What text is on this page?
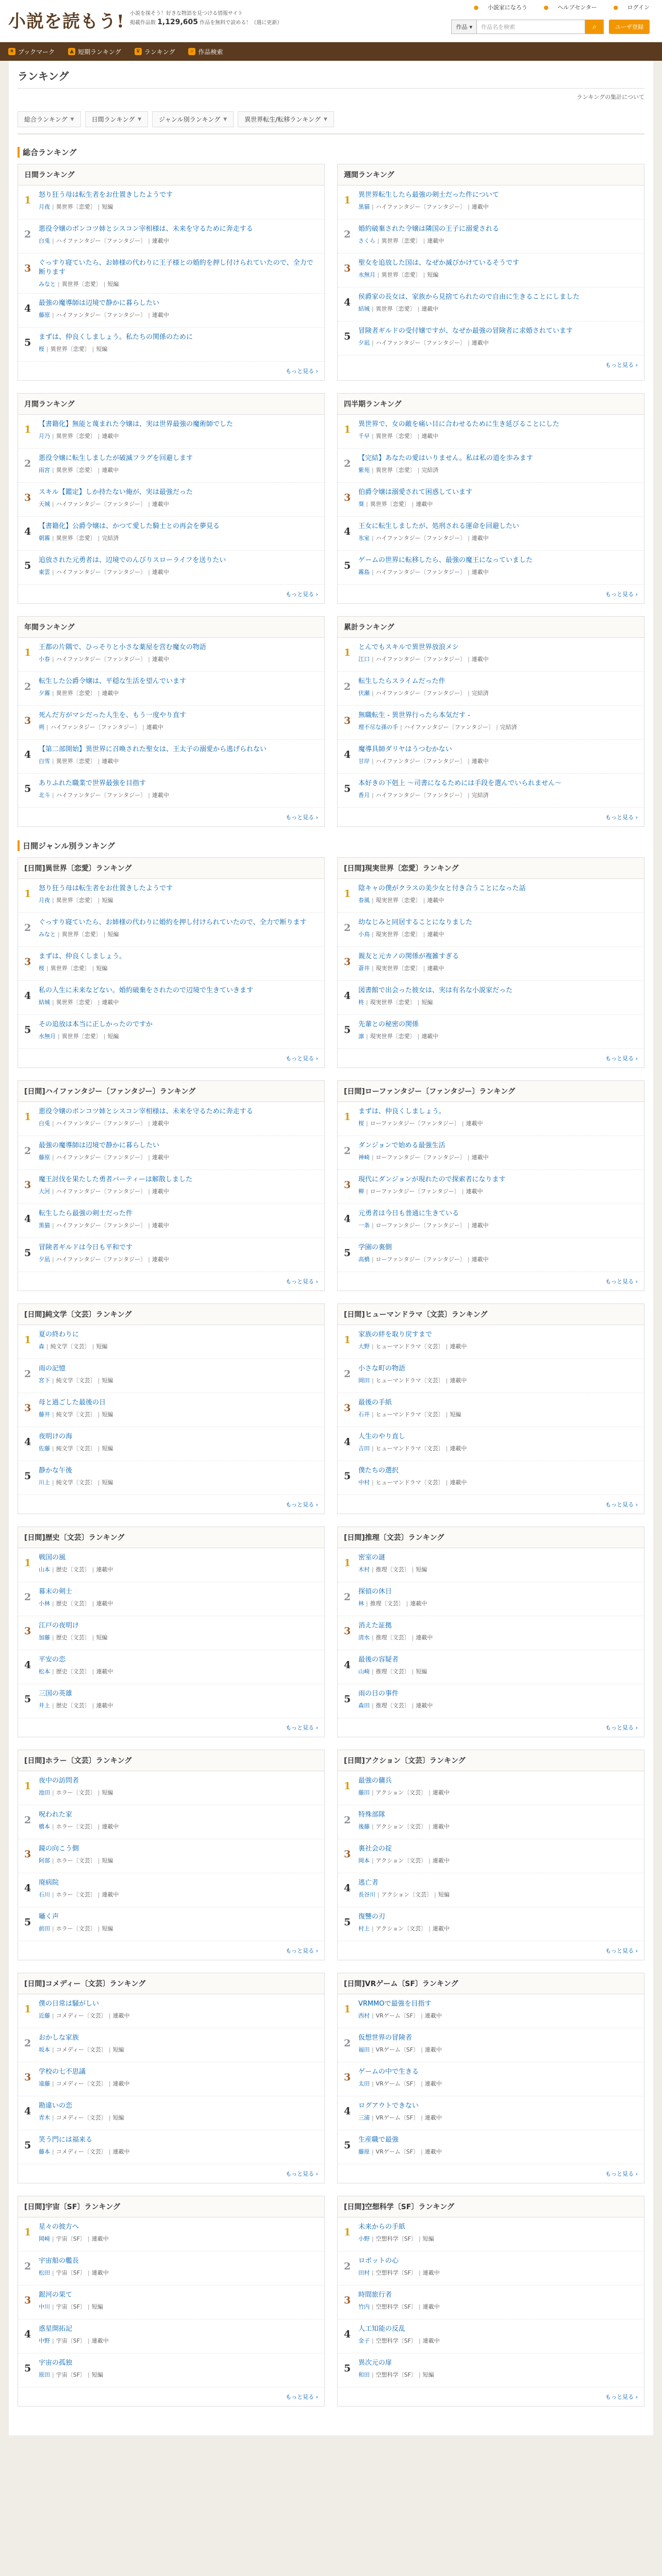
小説を読もう! 小説を探そう！好きな物語を見つける情報サイト
掲載作品数 1,129,605 作品を無料で読める！（週に更新）
● 小説家になろう	● ヘルプセンター	● ログイン
作品 ▾ 作品名を検索	⌕	ユーザ登録
★ ブックマーク	▲ 短期ランキング	♛ ランキング	⌕ 作品検索
ランキング
ランキングの集計について
総合ランキング ▼	日間ランキング ▼	ジャンル別ランキング ▼	異世界転生/転移ランキング ▼
総合ランキング
日間ランキング
1	怒り狂う母は転生者をお仕置きしたようです
月夜 | 異世界〔恋愛〕 | 短編
2	悪役令嬢のポンコツ姉とシスコン宰相様は、未来を守るために奔走する
白兎 | ハイファンタジー〔ファンタジー〕 | 連載中
3	ぐっすり寝ていたら、お姉様の代わりに王子様との婚約を押し付けられていたので、全力で断ります
みなと | 異世界〔恋愛〕 | 短編
4	最強の魔導師は辺境で静かに暮らしたい
藤原 | ハイファンタジー〔ファンタジー〕 | 連載中
5	まずは、仲良くしましょう。私たちの関係のために
桜 | 異世界〔恋愛〕 | 短編
もっと見る ›
週間ランキング
1	異世界転生したら最強の剣士だった件について
黒猫 | ハイファンタジー〔ファンタジー〕 | 連載中
2	婚約破棄された令嬢は隣国の王子に溺愛される
さくら | 異世界〔恋愛〕 | 連載中
3	聖女を追放した国は、なぜか滅びかけているそうです
水無月 | 異世界〔恋愛〕 | 短編
4	侯爵家の長女は、家族から見捨てられたので自由に生きることにしました
結城 | 異世界〔恋愛〕 | 連載中
5	冒険者ギルドの受付嬢ですが、なぜか最強の冒険者に求婚されています
夕凪 | ハイファンタジー〔ファンタジー〕 | 連載中
もっと見る ›
月間ランキング
1	【書籍化】無能と蔑まれた令嬢は、実は世界最強の魔術師でした
月乃 | 異世界〔恋愛〕 | 連載中
2	悪役令嬢に転生しましたが破滅フラグを回避します
雨宮 | 異世界〔恋愛〕 | 連載中
3	スキル【鑑定】しか持たない俺が、実は最強だった
天城 | ハイファンタジー〔ファンタジー〕 | 連載中
4	【書籍化】公爵令嬢は、かつて愛した騎士との再会を夢見る
朝霧 | 異世界〔恋愛〕 | 完結済
5	追放された元勇者は、辺境でのんびりスローライフを送りたい
東雲 | ハイファンタジー〔ファンタジー〕 | 連載中
もっと見る ›
四半期ランキング
1	異世界で、女の敵を痛い目に合わせるために生き延びることにした
千早 | 異世界〔恋愛〕 | 連載中
2	【完結】あなたの愛はいりません。私は私の道を歩みます
紫苑 | 異世界〔恋愛〕 | 完結済
3	伯爵令嬢は溺愛されて困惑しています
葵 | 異世界〔恋愛〕 | 連載中
4	王女に転生しましたが、処刑される運命を回避したい
氷室 | ハイファンタジー〔ファンタジー〕 | 連載中
5	ゲームの世界に転移したら、最強の魔王になっていました
霧島 | ハイファンタジー〔ファンタジー〕 | 連載中
もっと見る ›
年間ランキング
1	王都の片隅で、ひっそりと小さな薬屋を営む魔女の物語
小春 | ハイファンタジー〔ファンタジー〕 | 連載中
2	転生した公爵令嬢は、平穏な生活を望んでいます
夕霧 | 異世界〔恋愛〕 | 連載中
3	死んだ方がマシだった人生を、もう一度やり直す
朔 | ハイファンタジー〔ファンタジー〕 | 連載中
4	【第二部開始】異世界に召喚された聖女は、王太子の溺愛から逃げられない
白雪 | 異世界〔恋愛〕 | 連載中
5	ありふれた職業で世界最強を目指す
北斗 | ハイファンタジー〔ファンタジー〕 | 連載中
もっと見る ›
累計ランキング
1	とんでもスキルで異世界放浪メシ
江口 | ハイファンタジー〔ファンタジー〕 | 連載中
2	転生したらスライムだった件
伏瀬 | ハイファンタジー〔ファンタジー〕 | 完結済
3	無職転生 - 異世界行ったら本気だす -
理不尽な孫の手 | ハイファンタジー〔ファンタジー〕 | 完結済
4	魔導具師ダリヤはうつむかない
甘岸 | ハイファンタジー〔ファンタジー〕 | 連載中
5	本好きの下剋上 〜司書になるためには手段を選んでいられません〜
香月 | ハイファンタジー〔ファンタジー〕 | 完結済
もっと見る ›
日間ジャンル別ランキング
[日間]異世界〔恋愛〕ランキング
1	怒り狂う母は転生者をお仕置きしたようです
月夜 | 異世界〔恋愛〕 | 短編
2	ぐっすり寝ていたら、お姉様の代わりに婚約を押し付けられていたので、全力で断ります
みなと | 異世界〔恋愛〕 | 短編
3	まずは、仲良くしましょう。
桜 | 異世界〔恋愛〕 | 短編
4	私の人生に未来などない。婚約破棄をされたので辺境で生きていきます
結城 | 異世界〔恋愛〕 | 連載中
5	その追放は本当に正しかったのですか
水無月 | 異世界〔恋愛〕 | 短編
もっと見る ›
[日間]現実世界〔恋愛〕ランキング
1	陰キャの僕がクラスの美少女と付き合うことになった話
春風 | 現実世界〔恋愛〕 | 連載中
2	幼なじみと同居することになりました
小鳥 | 現実世界〔恋愛〕 | 連載中
3	親友と元カノの関係が複雑すぎる
蒼井 | 現実世界〔恋愛〕 | 連載中
4	図書館で出会った彼女は、実は有名な小説家だった
柊 | 現実世界〔恋愛〕 | 短編
5	先輩との秘密の関係
凛 | 現実世界〔恋愛〕 | 連載中
もっと見る ›
[日間]ハイファンタジー〔ファンタジー〕ランキング
1	悪役令嬢のポンコツ姉とシスコン宰相様は、未来を守るために奔走する
白兎 | ハイファンタジー〔ファンタジー〕 | 連載中
2	最強の魔導師は辺境で静かに暮らしたい
藤原 | ハイファンタジー〔ファンタジー〕 | 連載中
3	魔王討伐を果たした勇者パーティーは解散しました
大河 | ハイファンタジー〔ファンタジー〕 | 連載中
4	転生したら最強の剣士だった件
黒猫 | ハイファンタジー〔ファンタジー〕 | 連載中
5	冒険者ギルドは今日も平和です
夕凪 | ハイファンタジー〔ファンタジー〕 | 連載中
もっと見る ›
[日間]ローファンタジー〔ファンタジー〕ランキング
1	まずは、仲良くしましょう。
桜 | ローファンタジー〔ファンタジー〕 | 連載中
2	ダンジョンで始める最強生活
神崎 | ローファンタジー〔ファンタジー〕 | 連載中
3	現代にダンジョンが現れたので探索者になります
柳 | ローファンタジー〔ファンタジー〕 | 連載中
4	元勇者は今日も普通に生きている
一条 | ローファンタジー〔ファンタジー〕 | 連載中
5	学園の裏側
高橋 | ローファンタジー〔ファンタジー〕 | 連載中
もっと見る ›
[日間]純文学〔文芸〕ランキング
1	夏の終わりに
森 | 純文学〔文芸〕 | 短編
2	雨の記憶
宮下 | 純文学〔文芸〕 | 短編
3	母と過ごした最後の日
藤井 | 純文学〔文芸〕 | 短編
4	夜明けの海
佐藤 | 純文学〔文芸〕 | 短編
5	静かな午後
川上 | 純文学〔文芸〕 | 短編
もっと見る ›
[日間]ヒューマンドラマ〔文芸〕ランキング
1	家族の絆を取り戻すまで
大野 | ヒューマンドラマ〔文芸〕 | 連載中
2	小さな町の物語
岡田 | ヒューマンドラマ〔文芸〕 | 連載中
3	最後の手紙
石井 | ヒューマンドラマ〔文芸〕 | 短編
4	人生のやり直し
吉田 | ヒューマンドラマ〔文芸〕 | 連載中
5	僕たちの選択
中村 | ヒューマンドラマ〔文芸〕 | 連載中
もっと見る ›
[日間]歴史〔文芸〕ランキング
1	戦国の風
山本 | 歴史〔文芸〕 | 連載中
2	幕末の剣士
小林 | 歴史〔文芸〕 | 連載中
3	江戸の夜明け
加藤 | 歴史〔文芸〕 | 短編
4	平安の恋
松本 | 歴史〔文芸〕 | 連載中
5	三国の英雄
井上 | 歴史〔文芸〕 | 連載中
もっと見る ›
[日間]推理〔文芸〕ランキング
1	密室の謎
木村 | 推理〔文芸〕 | 短編
2	探偵の休日
林 | 推理〔文芸〕 | 連載中
3	消えた証拠
清水 | 推理〔文芸〕 | 連載中
4	最後の容疑者
山崎 | 推理〔文芸〕 | 短編
5	雨の日の事件
森田 | 推理〔文芸〕 | 連載中
もっと見る ›
[日間]ホラー〔文芸〕ランキング
1	夜中の訪問者
池田 | ホラー〔文芸〕 | 短編
2	呪われた家
橋本 | ホラー〔文芸〕 | 連載中
3	鏡の向こう側
阿部 | ホラー〔文芸〕 | 短編
4	廃病院
石川 | ホラー〔文芸〕 | 連載中
5	囁く声
前田 | ホラー〔文芸〕 | 短編
もっと見る ›
[日間]アクション〔文芸〕ランキング
1	最強の傭兵
藤田 | アクション〔文芸〕 | 連載中
2	特殊部隊
後藤 | アクション〔文芸〕 | 連載中
3	裏社会の掟
岡本 | アクション〔文芸〕 | 連載中
4	逃亡者
長谷川 | アクション〔文芸〕 | 短編
5	復讐の刃
村上 | アクション〔文芸〕 | 連載中
もっと見る ›
[日間]コメディー〔文芸〕ランキング
1	僕の日常は騒がしい
近藤 | コメディー〔文芸〕 | 連載中
2	おかしな家族
坂本 | コメディー〔文芸〕 | 短編
3	学校の七不思議
遠藤 | コメディー〔文芸〕 | 連載中
4	勘違いの恋
青木 | コメディー〔文芸〕 | 短編
5	笑う門には福来る
藤本 | コメディー〔文芸〕 | 連載中
もっと見る ›
[日間]VRゲーム〔SF〕ランキング
1	VRMMOで最強を目指す
西村 | VRゲーム〔SF〕 | 連載中
2	仮想世界の冒険者
福田 | VRゲーム〔SF〕 | 連載中
3	ゲームの中で生きる
太田 | VRゲーム〔SF〕 | 連載中
4	ログアウトできない
三浦 | VRゲーム〔SF〕 | 連載中
5	生産職で最強
藤原 | VRゲーム〔SF〕 | 連載中
もっと見る ›
[日間]宇宙〔SF〕ランキング
1	星々の彼方へ
岡崎 | 宇宙〔SF〕 | 連載中
2	宇宙船の艦長
松田 | 宇宙〔SF〕 | 連載中
3	銀河の果て
中川 | 宇宙〔SF〕 | 短編
4	惑星開拓記
中野 | 宇宙〔SF〕 | 連載中
5	宇宙の孤独
原田 | 宇宙〔SF〕 | 短編
もっと見る ›
[日間]空想科学〔SF〕ランキング
1	未来からの手紙
小野 | 空想科学〔SF〕 | 短編
2	ロボットの心
田村 | 空想科学〔SF〕 | 連載中
3	時間旅行者
竹内 | 空想科学〔SF〕 | 連載中
4	人工知能の反乱
金子 | 空想科学〔SF〕 | 連載中
5	異次元の扉
和田 | 空想科学〔SF〕 | 短編
もっと見る ›
